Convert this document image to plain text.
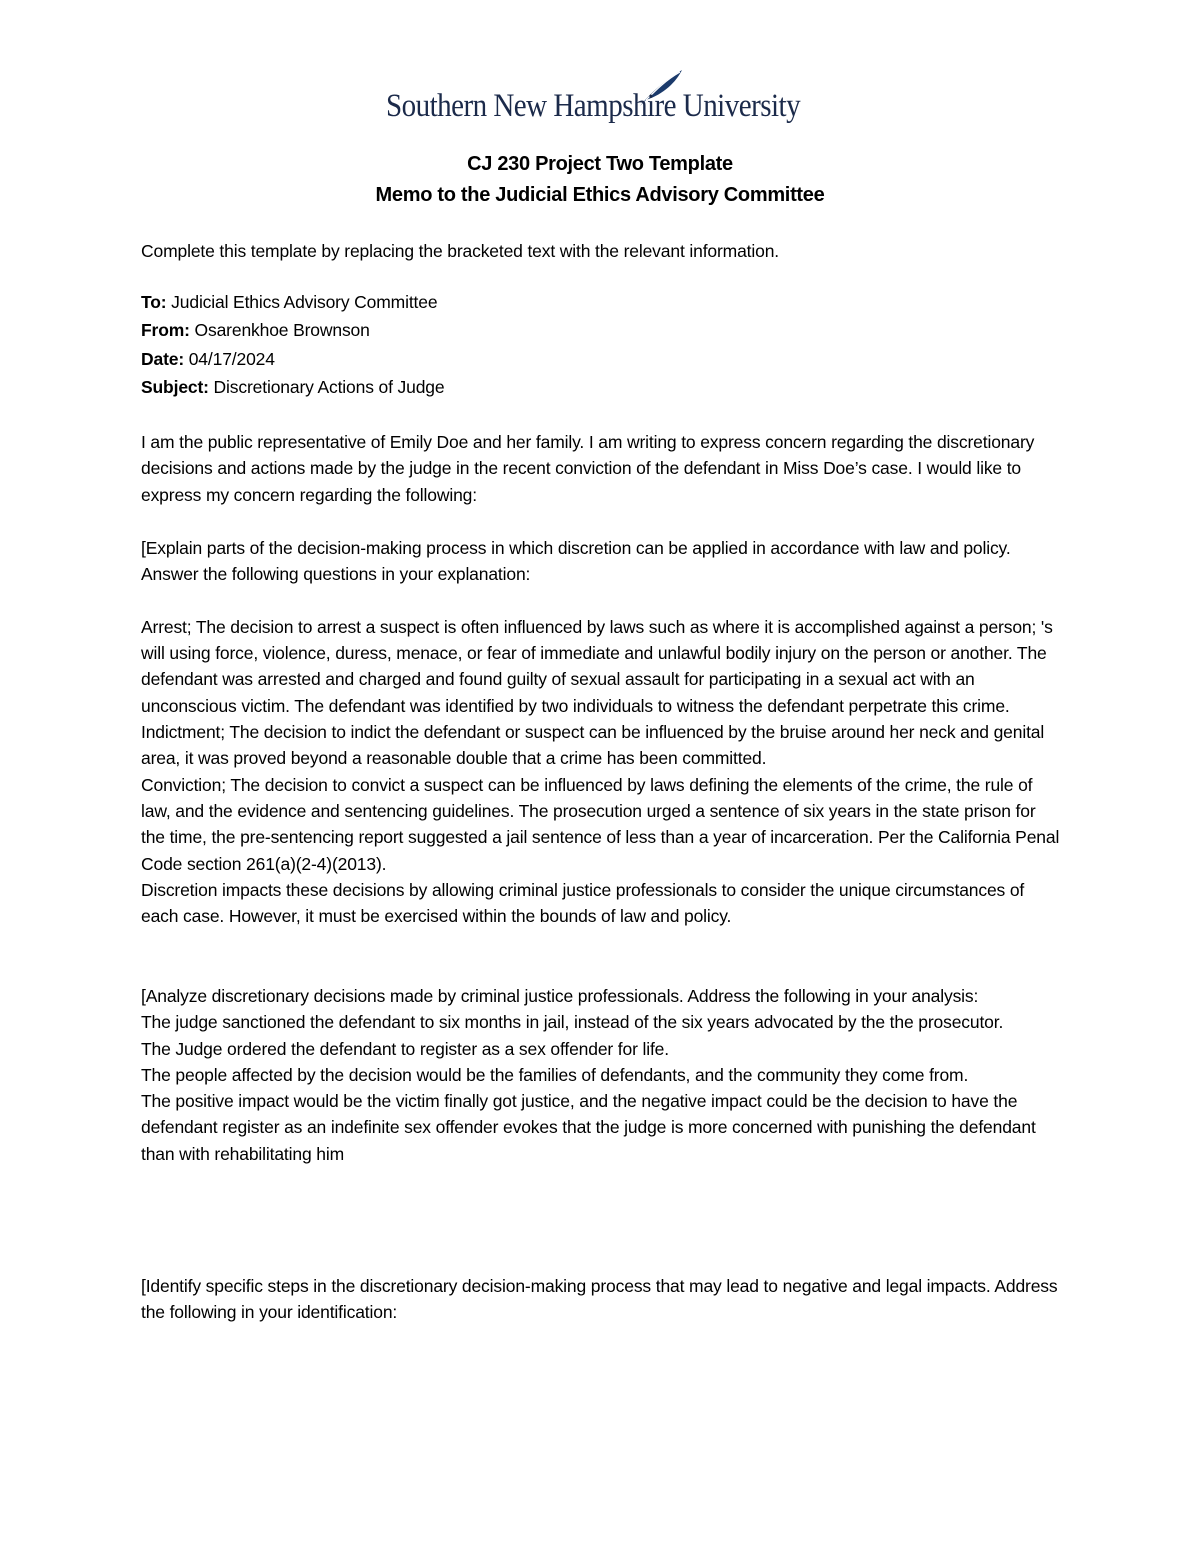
Southern New Hampshire University
CJ 230 Project Two Template
Memo to the Judicial Ethics Advisory Committee

Complete this template by replacing the bracketed text with the relevant information.

To: Judicial Ethics Advisory Committee
From: Osarenkhoe Brownson
Date: 04/17/2024
Subject: Discretionary Actions of Judge

I am the public representative of Emily Doe and her family. I am writing to express concern regarding the discretionary decisions and actions made by the judge in the recent conviction of the defendant in Miss Doe’s case. I would like to express my concern regarding the following:

[Explain parts of the decision-making process in which discretion can be applied in accordance with law and policy. Answer the following questions in your explanation:

Arrest; The decision to arrest a suspect is often influenced by laws such as where it is accomplished against a person; 's will using force, violence, duress, menace, or fear of immediate and unlawful bodily injury on the person or another. The defendant was arrested and charged and found guilty of sexual assault for participating in a sexual act with an unconscious victim. The defendant was identified by two individuals to witness the defendant perpetrate this crime.

Indictment; The decision to indict the defendant or suspect can be influenced by the bruise around her neck and genital area, it was proved beyond a reasonable double that a crime has been committed.

Conviction; The decision to convict a suspect can be influenced by laws defining the elements of the crime, the rule of law, and the evidence and sentencing guidelines. The prosecution urged a sentence of six years in the state prison for the time, the pre-sentencing report suggested a jail sentence of less than a year of incarceration. Per the California Penal Code section 261(a)(2-4)(2013).

Discretion impacts these decisions by allowing criminal justice professionals to consider the unique circumstances of each case. However, it must be exercised within the bounds of law and policy.

[Analyze discretionary decisions made by criminal justice professionals. Address the following in your analysis:

The judge sanctioned the defendant to six months in jail, instead of the six years advocated by the the prosecutor.

The Judge ordered the defendant to register as a sex offender for life.

The people affected by the decision would be the families of defendants, and the community they come from.

The positive impact would be the victim finally got justice, and the negative impact could be the decision to have the defendant register as an indefinite sex offender evokes that the judge is more concerned with punishing the defendant than with rehabilitating him

[Identify specific steps in the discretionary decision-making process that may lead to negative and legal impacts. Address the following in your identification:
